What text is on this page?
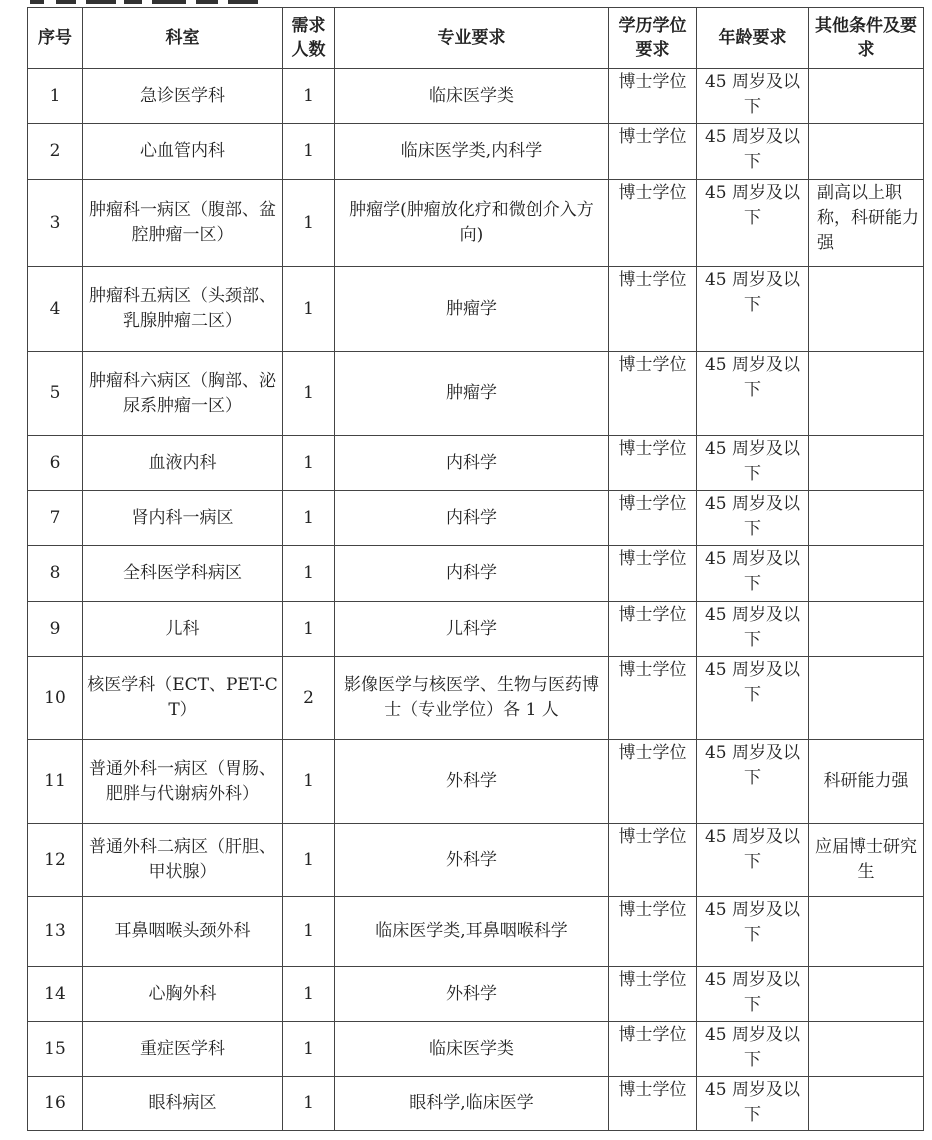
序号	科室	需求人数	专业要求	学历学位要求	年龄要求	其他条件及要求
1	急诊医学科	1	临床医学类	博士学位	45 周岁及以下	
2	心血管内科	1	临床医学类,内科学	博士学位	45 周岁及以下	
3	肿瘤科一病区（腹部、盆腔肿瘤一区）	1	肿瘤学(肿瘤放化疗和微创介入方向)	博士学位	45 周岁及以下	副高以上职称，科研能力强
4	肿瘤科五病区（头颈部、乳腺肿瘤二区）	1	肿瘤学	博士学位	45 周岁及以下	
5	肿瘤科六病区（胸部、泌尿系肿瘤一区）	1	肿瘤学	博士学位	45 周岁及以下	
6	血液内科	1	内科学	博士学位	45 周岁及以下	
7	肾内科一病区	1	内科学	博士学位	45 周岁及以下	
8	全科医学科病区	1	内科学	博士学位	45 周岁及以下	
9	儿科	1	儿科学	博士学位	45 周岁及以下	
10	核医学科（ECT、PET-CT）	2	影像医学与核医学、生物与医药博士（专业学位）各 1 人	博士学位	45 周岁及以下	
11	普通外科一病区（胃肠、肥胖与代谢病外科）	1	外科学	博士学位	45 周岁及以下	科研能力强
12	普通外科二病区（肝胆、甲状腺）	1	外科学	博士学位	45 周岁及以下	应届博士研究生
13	耳鼻咽喉头颈外科	1	临床医学类,耳鼻咽喉科学	博士学位	45 周岁及以下	
14	心胸外科	1	外科学	博士学位	45 周岁及以下	
15	重症医学科	1	临床医学类	博士学位	45 周岁及以下	
16	眼科病区	1	眼科学,临床医学	博士学位	45 周岁及以下	
